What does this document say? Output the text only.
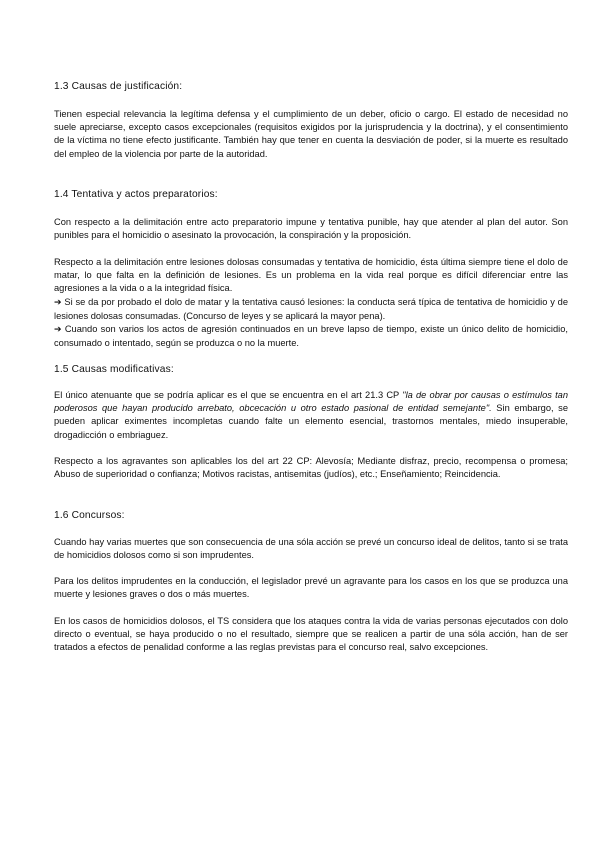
1.3 Causas de justificación:

Tienen especial relevancia la legítima defensa y el cumplimiento de un deber, oficio o cargo. El estado de necesidad no suele apreciarse, excepto casos excepcionales (requisitos exigidos por la jurisprudencia y la doctrina), y el consentimiento de la víctima no tiene efecto justificante. También hay que tener en cuenta la desviación de poder, si la muerte es resultado del empleo de la violencia por parte de la autoridad.

1.4 Tentativa y actos preparatorios:

Con respecto a la delimitación entre acto preparatorio impune y tentativa punible, hay que atender al plan del autor. Son punibles para el homicidio o asesinato la provocación, la conspiración y la proposición.

Respecto a la delimitación entre lesiones dolosas consumadas y tentativa de homicidio, ésta última siempre tiene el dolo de matar, lo que falta en la definición de lesiones. Es un problema en la vida real porque es difícil diferenciar entre las agresiones a la vida o a la integridad física.

➔ Si se da por probado el dolo de matar y la tentativa causó lesiones: la conducta será típica de tentativa de homicidio y de lesiones dolosas consumadas. (Concurso de leyes y se aplicará la mayor pena).

➔ Cuando son varios los actos de agresión continuados en un breve lapso de tiempo, existe un único delito de homicidio, consumado o intentado, según se produzca o no la muerte.

1.5 Causas modificativas:

El único atenuante que se podría aplicar es el que se encuentra en el art 21.3 CP "la de obrar por causas o estímulos tan poderosos que hayan producido arrebato, obcecación u otro estado pasional de entidad semejante". Sin embargo, se pueden aplicar eximentes incompletas cuando falte un elemento esencial, trastornos mentales, miedo insuperable, drogadicción o embriaguez.

Respecto a los agravantes son aplicables los del art 22 CP: Alevosía; Mediante disfraz, precio, recompensa o promesa; Abuso de superioridad o confianza; Motivos racistas, antisemitas (judíos), etc.; Enseñamiento; Reincidencia.

1.6 Concursos:

Cuando hay varias muertes que son consecuencia de una sóla acción se prevé un concurso ideal de delitos, tanto si se trata de homicidios dolosos como si son imprudentes.

Para los delitos imprudentes en la conducción, el legislador prevé un agravante para los casos en los que se produzca una muerte y lesiones graves o dos o más muertes.

En los casos de homicidios dolosos, el TS considera que los ataques contra la vida de varias personas ejecutados con dolo directo o eventual, se haya producido o no el resultado, siempre que se realicen a partir de una sóla acción, han de ser tratados a efectos de penalidad conforme a las reglas previstas para el concurso real, salvo excepciones.
